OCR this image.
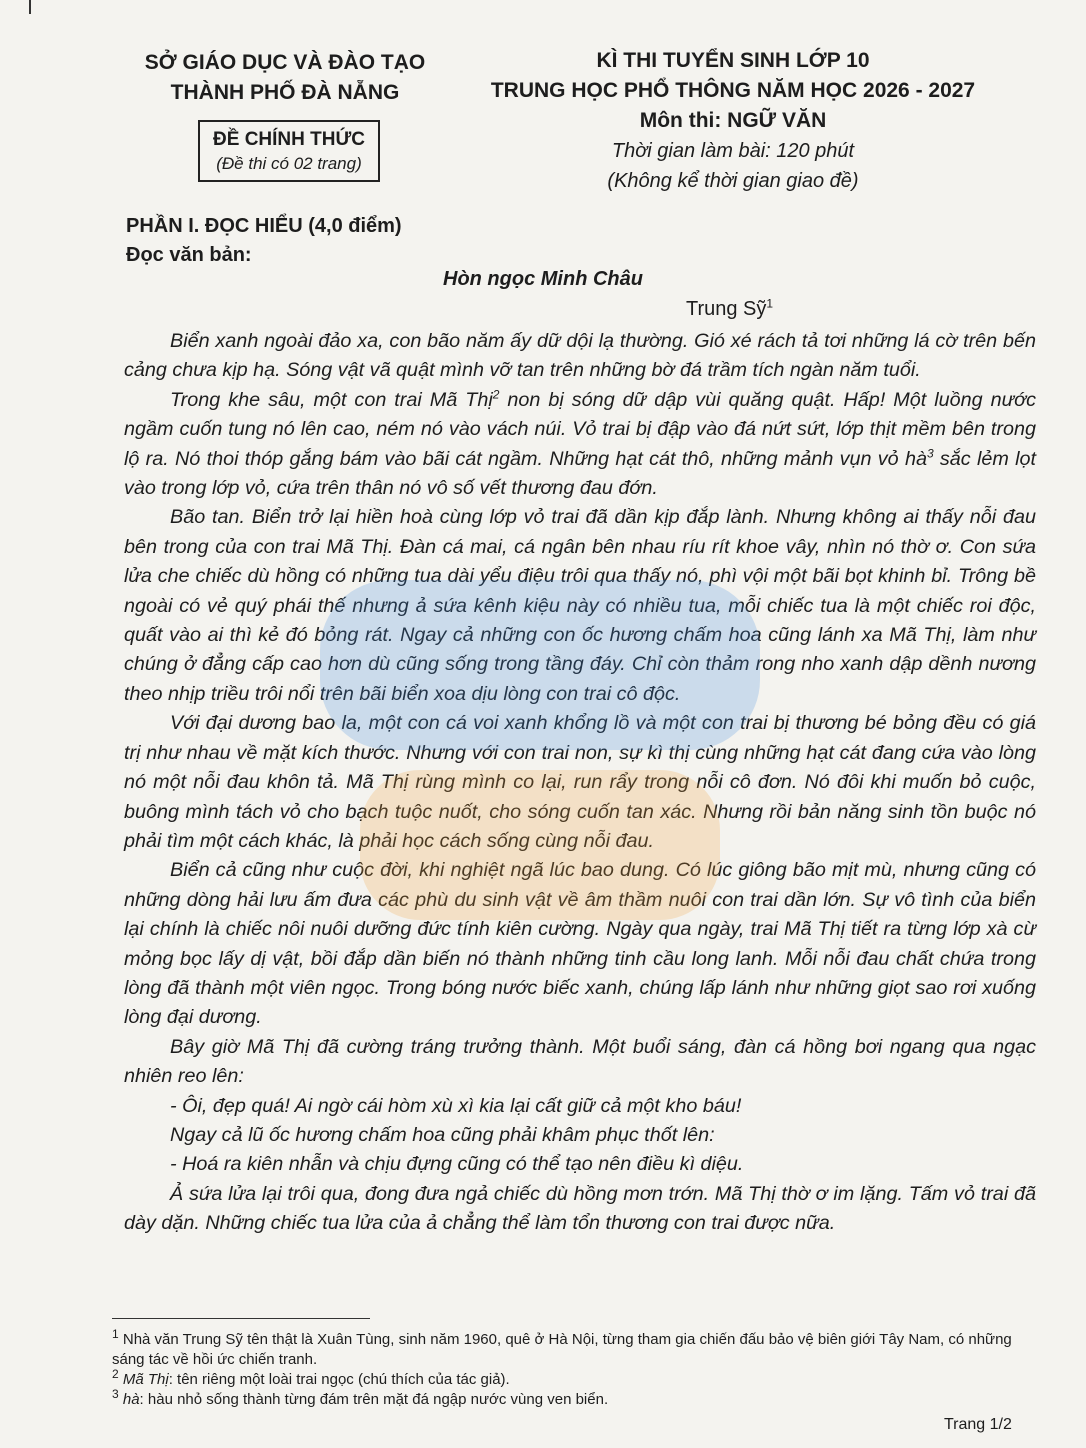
SỞ GIÁO DỤC VÀ ĐÀO TẠO
THÀNH PHỐ ĐÀ NẴNG
ĐỀ CHÍNH THỨC
(Đề thi có 02 trang)
KÌ THI TUYỂN SINH LỚP 10
TRUNG HỌC PHỔ THÔNG NĂM HỌC 2026 - 2027
Môn thi: NGỮ VĂN
Thời gian làm bài: 120 phút
(Không kể thời gian giao đề)
PHẦN I. ĐỌC HIỂU (4,0 điểm)
Đọc văn bản:
Hòn ngọc Minh Châu
Trung Sỹ$^1$

Biển xanh ngoài đảo xa, con bão năm ấy dữ dội lạ thường. Gió xé rách tả tơi những lá cờ trên bến cảng chưa kịp hạ. Sóng vật vã quật mình vỡ tan trên những bờ đá trầm tích ngàn năm tuổi.

Trong khe sâu, một con trai Mã Thị$^2$ non bị sóng dữ dập vùi quăng quật. Hấp! Một luồng nước ngầm cuốn tung nó lên cao, ném nó vào vách núi. Vỏ trai bị đập vào đá nứt sứt, lớp thịt mềm bên trong lộ ra. Nó thoi thóp gắng bám vào bãi cát ngầm. Những hạt cát thô, những mảnh vụn vỏ $hà^3$ sắc lẻm lọt vào trong lớp vỏ, cứa trên thân nó vô số vết thương đau đớn.

Bão tan. Biển trở lại hiền hoà cùng lớp vỏ trai đã dần kịp đắp lành. Nhưng không ai thấy nỗi đau bên trong của con trai Mã Thị. Đàn cá mai, cá ngân bên nhau ríu rít khoe vây, nhìn nó thờ ơ. Con sứa lửa che chiếc dù hồng có những tua dài yểu điệu trôi qua thấy nó, phì vội một bãi bọt khinh bỉ. Trông bề ngoài có vẻ quý phái thế nhưng ả sứa kênh kiệu này có nhiều tua, mỗi chiếc tua là một chiếc roi độc, quất vào ai thì kẻ đó bỏng rát. Ngay cả những con ốc hương chấm hoa cũng lánh xa Mã Thị, làm như chúng ở đẳng cấp cao hơn dù cũng sống trong tầng đáy. Chỉ còn thảm rong nho xanh dập dềnh nương theo nhịp triều trôi nổi trên bãi biển xoa dịu lòng con trai cô độc.

Với đại dương bao la, một con cá voi xanh khổng lồ và một con trai bị thương bé bỏng đều có giá trị như nhau về mặt kích thước. Nhưng với con trai non, sự kì thị cùng những hạt cát đang cứa vào lòng nó một nỗi đau khôn tả. Mã Thị rùng mình co lại, run rẩy trong nỗi cô đơn. Nó đôi khi muốn bỏ cuộc, buông mình tách vỏ cho bạch tuộc nuốt, cho sóng cuốn tan xác. Nhưng rồi bản năng sinh tồn buộc nó phải tìm một cách khác, là phải học cách sống cùng nỗi đau.

Biển cả cũng như cuộc đời, khi nghiệt ngã lúc bao dung. Có lúc giông bão mịt mù, nhưng cũng có những dòng hải lưu ấm đưa các phù du sinh vật về âm thầm nuôi con trai dần lớn. Sự vô tình của biển lại chính là chiếc nôi nuôi dưỡng đức tính kiên cường. Ngày qua ngày, trai Mã Thị tiết ra từng lớp xà cừ mỏng bọc lấy dị vật, bồi đắp dần biến nó thành những tinh cầu long lanh. Mỗi nỗi đau chất chứa trong lòng đã thành một viên ngọc. Trong bóng nước biếc xanh, chúng lấp lánh như những giọt sao rơi xuống lòng đại dương.

Bây giờ Mã Thị đã cường tráng trưởng thành. Một buổi sáng, đàn cá hồng bơi ngang qua ngạc nhiên reo lên:

- Ôi, đẹp quá! Ai ngờ cái hòm xù xì kia lại cất giữ cả một kho báu!

Ngay cả lũ ốc hương chấm hoa cũng phải khâm phục thốt lên:

- Hoá ra kiên nhẫn và chịu đựng cũng có thể tạo nên điều kì diệu.

Ả sứa lửa lại trôi qua, đong đưa ngả chiếc dù hồng mơn trớn. Mã Thị thờ ơ im lặng. Tấm vỏ trai đã dày dặn. Những chiếc tua lửa của ả chẳng thể làm tổn thương con trai được nữa.

$^1$ Nhà văn Trung Sỹ tên thật là Xuân Tùng, sinh năm 1960, quê ở Hà Nội, từng tham gia chiến đấu bảo vệ biên giới Tây Nam, có những sáng tác về hồi ức chiến tranh.

$^2$ Mã Thị: tên riêng một loài trai ngọc (chú thích của tác giả).

$^3$ hà: hàu nhỏ sống thành từng đám trên mặt đá ngập nước vùng ven biển.

Trang 1/2
